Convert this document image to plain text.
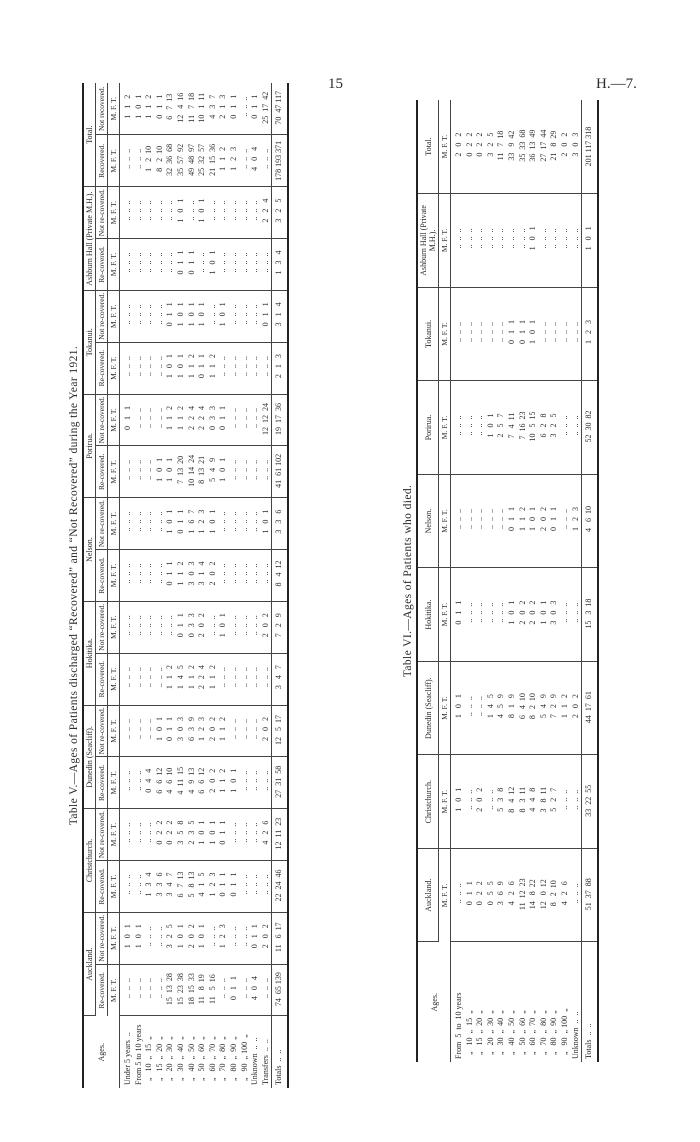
15	H.—7.
Table V.—Ages of Patients discharged “Recovered” and “Not Recovered” during the Year 1921.
Ages.	Auckland.		Christchurch.		Dunedin (Seacliff).		Hokitika.		Nelson.		Porirua.		Tokanui.		Ashburn Hall (Private M.H.).		Total.	
	Re-covered.	Not re-covered.	Re-covered.	Not re-covered.	Re-covered.	Not re-covered.	Re-covered.	Not re-covered.	Re-covered.	Not re-covered.	Re-covered.	Not re-covered.	Re-covered.	Not re-covered.	Re-covered.	Not re-covered.	Recovered.	Not recovered.
	M. F. T.	M. F. T.	M. F. T.	M. F. T.	M. F. T.	M. F. T.	M. F. T.	M. F. T.	M. F. T.	M. F. T.	M. F. T.	M. F. T.	M. F. T.	M. F. T.	M. F. T.	M. F. T.	M. F. T.	M. F. T.
Under 5 years  ..	..  ..  ..	1   0   1	..  ..  ..	..  ..  ..	..  ..  ..	..  ..  ..	..  ..  ..	..  ..  ..	..  ..  ..	..  ..  ..	..  ..  ..	0   1   1	..  ..  ..	..  ..  ..	..  ..  ..	..  ..  ..	..  ..  ..	1   1   2
From 5 to 10 years	..  ..  ..	1   0   1	..  ..  ..	..  ..  ..	..  ..  ..	..  ..  ..	..  ..  ..	..  ..  ..	..  ..  ..	..  ..  ..	..  ..  ..	..  ..  ..	..  ..  ..	..  ..  ..	..  ..  ..	..  ..  ..	..  ..  ..	1   0   1
„   10  „  15  „	..  ..  ..	..  ..  ..	1   3   4	..  ..  ..	0   4   4	..  ..  ..	..  ..  ..	..  ..  ..	..  ..  ..	..  ..  ..	..  ..  ..	..  ..  ..	..  ..  ..	..  ..  ..	..  ..  ..	..  ..  ..	1   2  10	1   1   2
„   15  „  20  „	..  ..  ..	..  ..  ..	3   3   6	0   2   2	6   6  12	1   0   1	..  ..  ..	..  ..  ..	..  ..  ..	..  ..  ..	1   0   1	..  ..  ..	..  ..  ..	..  ..  ..	..  ..  ..	..  ..  ..	8   2  10	0   1   1
„   20  „  30  „	15  13  28	3   2   5	3   4   7	0   2   2	4   6  10	0   1   1	1   1   2	..  ..  ..	0   1   1	1   0   1	1   0   1	1   1   2	1   0   1	0   1   1	..  ..  ..	..  ..  ..	32  36  68	6   7  13
„   30  „  40  „	15  23  38	1   0   1	6   7  13	3   5   8	4  11  15	3   0   3	1   4   5	0   1   1	1   1   2	0   1   1	7  13  20	1   1   2	1   0   1	1   0   1	0   1   1	1   0   1	35  57  92	12   4  16
„   40  „  50  „	18  15  33	2   0   2	5   8  13	2   3   5	4   9  13	6   3   9	1   1   2	0   3   3	3   0   3	1   6   7	10  14  24	2   2   4	1   1   2	1   0   1	0   1   1	..  ..  ..	49  48  97	11   7  18
„   50  „  60  „	11   8  19	1   0   1	4   1   5	1   0   1	6   6  12	1   2   3	2   2   4	2   0   2	3   1   4	1   2   3	8  13  21	2   2   4	0   1   1	1   0   1	..  ..  ..	1   0   1	25  32  57	10   1  11
„   60  „  70  „	11   5  16	..  ..  ..	1   2   3	1   0   1	2   0   2	2   0   2	1   1   2	..  ..  ..	2   0   2	1   0   1	5   4   9	0   3   3	1   1   2	..  ..  ..	1   0   1	..  ..  ..	21  15  36	4   3   7
„   70  „  80  „	..  ..  ..	1   2   3	0   1   1	0   1   1	1   1   2	1   1   2	..  ..  ..	1   0   1	..  ..  ..	..  ..  ..	1   0   1	0   1   1	..  ..  ..	1   0   1	..  ..  ..	..  ..  ..	1   1   2	2   1   3
„   80  „  90  „	0   1   1	..  ..  ..	0   1   1	..  ..  ..	1   0   1	..  ..  ..	..  ..  ..	..  ..  ..	..  ..  ..	..  ..  ..	..  ..  ..	..  ..  ..	..  ..  ..	..  ..  ..	..  ..  ..	..  ..  ..	1   2   3	0   1   1
„   90  „ 100  „	..  ..  ..	..  ..  ..	..  ..  ..	..  ..  ..	..  ..  ..	..  ..  ..	..  ..  ..	..  ..  ..	..  ..  ..	..  ..  ..	..  ..  ..	..  ..  ..	..  ..  ..	..  ..  ..	..  ..  ..	..  ..  ..	..  ..  ..	..  ..  ..
Unknown  ..  ..	4   0   4	0   1   1	..  ..  ..	..  ..  ..	..  ..  ..	..  ..  ..	..  ..  ..	..  ..  ..	..  ..  ..	..  ..  ..	..  ..  ..	..  ..  ..	..  ..  ..	..  ..  ..	..  ..  ..	..  ..  ..	4   0   4	0   1   1
Transfers  ..  ..	..  ..  ..	2   0   2	..  ..  ..	4   2   6	..  ..  ..	2   0   2	..  ..  ..	2   0   2	..  ..  ..	1   0   1	..  ..  ..	12  12  24	..  ..  ..	0   1   1	..  ..  ..	2   2   4	..  ..  ..	25  17  42
Totals  ..  ..	74  65 139	11   6  17	22  24  46	12  11  23	27  31  58	12   5  17	3   4   7	7   2   9	8   4  12	3   3   6	41  61 102	19  17  36	2   1   3	3   1   4	1   3   4	3   2   5	178 193 371	70  47 117
Table VI.—Ages of Patients who died.
Ages.	Auckland.	Christchurch.	Dunedin (Seacliff).	Hokitika.	Nelson.	Porirua.	Tokanui.	Ashburn Hall (Private M.H.).	Total.
	M. F. T.	M. F. T.	M. F. T.	M. F. T.	M. F. T.	M. F. T.	M. F. T.	M. F. T.	M. F. T.
From  5  to  10 years	..  ..  ..	1   0   1	1   0   1	0   1   1	..  ..  ..	..  ..  ..	..  ..  ..	..  ..  ..	2   0   2
„   10  „  15  „	0   1   1	..  ..  ..	..  ..  ..	..  ..  ..	..  ..  ..	..  ..  ..	..  ..  ..	..  ..  ..	0   2   2
„   15  „  20  „	0   2   2	2   0   2	..  ..  ..	..  ..  ..	..  ..  ..	..  ..  ..	..  ..  ..	..  ..  ..	0   2   2
„   20  „  30  „	0   5   5	..  ..  ..	1   4   5	..  ..  ..	..  ..  ..	1   0   1	..  ..  ..	..  ..  ..	3   2   5
„   30  „  40  „	3   6   9	5   3   8	4   5   9	..  ..  ..	..  ..  ..	2   5   7	..  ..  ..	..  ..  ..	11   7  18
„   40  „  50  „	4   2   6	8   4  12	8   1   9	1   0   1	0   1   1	7   4  11	0   1   1	..  ..  ..	33   9  42
„   50  „  60  „	11  12  23	8   3  11	6   4  10	2   0   2	1   1   2	7  16  23	0   1   1	..  ..  ..	35  33  68
„   60  „  70  „	14   8  22	4   4   8	8   2  10	2   0   2	1   0   1	10   5  15	1   0   1	1   0   1	36  13  49
„   70  „  80  „	12   0  12	3   8  11	5   4   9	1   0   1	2   0   2	6   2   8	..  ..  ..	..  ..  ..	27  17  44
„   80  „  90  „	8   2  10	5   2   7	7   2   9	3   0   3	0   1   1	3   2   5	..  ..  ..	..  ..  ..	21   8  29
„   90  „ 100  „	4   2   6	..  ..  ..	1   1   2	..  ..  ..	..  ..  ..	..  ..  ..	..  ..  ..	..  ..  ..	2   0   2
Unknown  ..  ..	..  ..  ..	..  ..  ..	2   0   2	..  ..  ..	1   2   3	..  ..  ..	..  ..  ..	..  ..  ..	3   0   3
Totals  ..  ..	51  37  88	33  22  55	44  17  61	15   3  18	4   6  10	52  30  82	1   2   3	1   0   1	201 117 318
